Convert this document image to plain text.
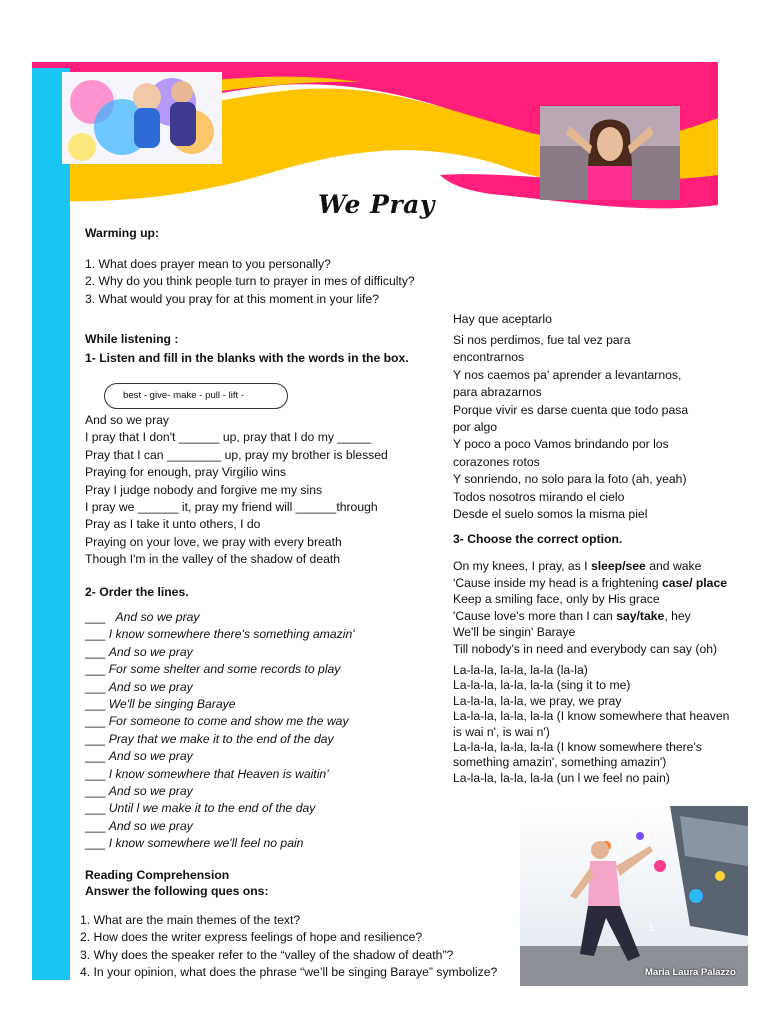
We Pray
Warming up:
1. What does prayer mean to you personally?
2. Why do you think people turn to prayer in mes of difficulty?
3. What would you pray for at this moment in your life?
While listening :
1- Listen and fill in the blanks with the words in the box.
best - give- make - pull - lift -
And so we pray
I pray that I don't ______ up, pray that I do my _____
Pray that I can ________ up, pray my brother is blessed
Praying for enough, pray Virgilio wins
Pray I judge nobody and forgive me my sins
I pray we ______ it, pray my friend will ______through
Pray as I take it unto others, I do
Praying on your love, we pray with every breath
Though I'm in the valley of the shadow of death
2- Order the lines.
___ And so we pray
___ I know somewhere there's something amazin'
___ And so we pray
___ For some shelter and some records to play
___ And so we pray
___ We'll be singing Baraye
___ For someone to come and show me the way
___ Pray that we make it to the end of the day
___ And so we pray
___ I know somewhere that Heaven is waitin’
___ And so we pray
___ Until l we make it to the end of the day
___ And so we pray
___ I know somewhere we'll feel no pain
Reading Comprehension
Answer the following ques ons:
1. What are the main themes of the text?
2. How does the writer express feelings of hope and resilience?
3. Why does the speaker refer to the “valley of the shadow of death”?
4. In your opinion, what does the phrase “we’ll be singing Baraye” symbolize?
Hay que aceptarlo
Si nos perdimos, fue tal vez para
encontrarnos
Y nos caemos pa' aprender a levantarnos,
para abrazarnos
Porque vivir es darse cuenta que todo pasa
por algo
Y poco a poco Vamos brindando por los
corazones rotos
Y sonriendo, no solo para la foto (ah, yeah)
Todos nosotros mirando el cielo
Desde el suelo somos la misma piel
3- Choose the correct option.
On my knees, I pray, as I sleep/see and wake
'Cause inside my head is a frightening case/ place
Keep a smiling face, only by His grace
'Cause love's more than I can say/take, hey
We'll be singin' Baraye
Till nobody's in need and everybody can say (oh)
La-la-la, la-la, la-la (la-la)
La-la-la, la-la, la-la (sing it to me)
La-la-la, la-la, we pray, we pray
La-la-la, la-la, la-la (I know somewhere that heaven
is wai n', is wai n')
La-la-la, la-la, la-la (I know somewhere there's
something amazin', something amazin')
La-la-la, la-la, la-la (un l we feel no pain)
1
Maria Laura Palazzo
